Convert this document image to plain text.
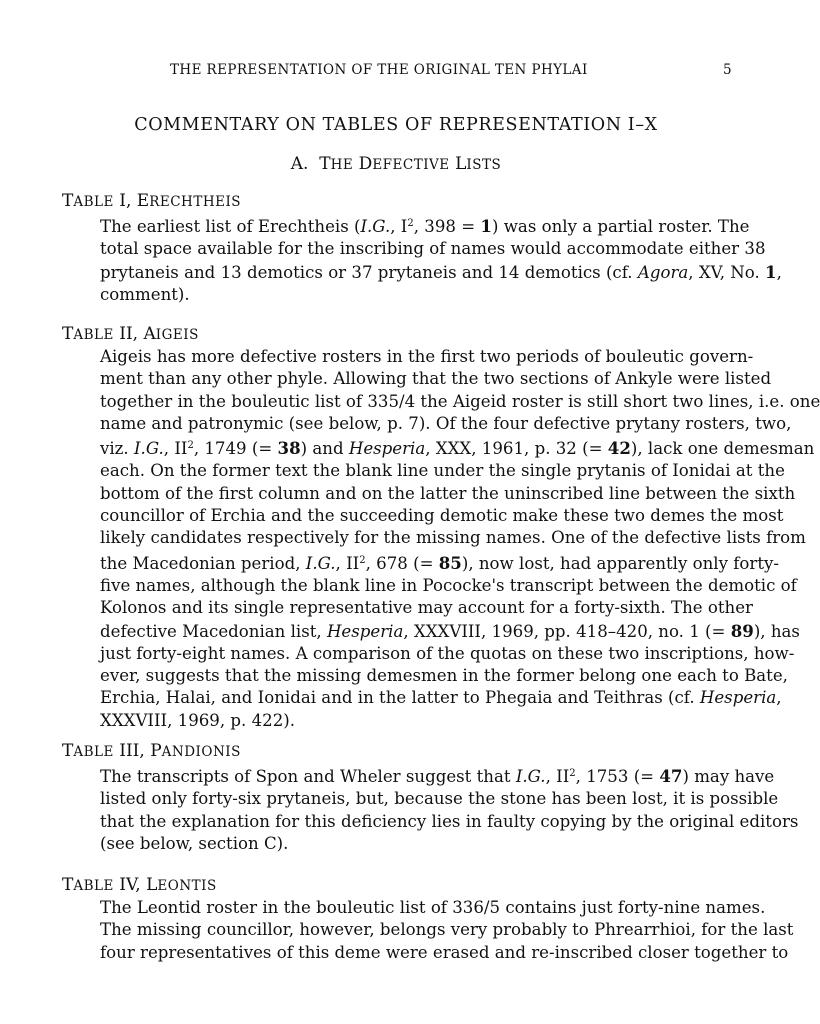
THE REPRESENTATION OF THE ORIGINAL TEN PHYLAI	5
COMMENTARY ON TABLES OF REPRESENTATION I–X
A. THE DEFECTIVE LISTS
TABLE I, ERECHTHEIS
The earliest list of Erechtheis (I.G., $I^2$, 398 = 1) was only a partial roster. The
total space available for the inscribing of names would accommodate either 38
prytaneis and 13 demotics or 37 prytaneis and 14 demotics (cf. Agora, XV, No. 1,
comment).
TABLE II, AIGEIS
Aigeis has more defective rosters in the first two periods of bouleutic govern-
ment than any other phyle. Allowing that the two sections of Ankyle were listed
together in the bouleutic list of 335/4 the Aigeid roster is still short two lines, i.e. one
name and patronymic (see below, p. 7). Of the four defective prytany rosters, two,
viz. I.G., $II^2$, 1749 (= 38) and Hesperia, XXX, 1961, p. 32 (= 42), lack one demesman
each. On the former text the blank line under the single prytanis of Ionidai at the
bottom of the first column and on the latter the uninscribed line between the sixth
councillor of Erchia and the succeeding demotic make these two demes the most
likely candidates respectively for the missing names. One of the defective lists from
the Macedonian period, I.G., $II^2$, 678 (= 85), now lost, had apparently only forty-
five names, although the blank line in Pococke's transcript between the demotic of
Kolonos and its single representative may account for a forty-sixth. The other
defective Macedonian list, Hesperia, XXXVIII, 1969, pp. 418–420, no. 1 (= 89), has
just forty-eight names. A comparison of the quotas on these two inscriptions, how-
ever, suggests that the missing demesmen in the former belong one each to Bate,
Erchia, Halai, and Ionidai and in the latter to Phegaia and Teithras (cf. Hesperia,
XXXVIII, 1969, p. 422).
TABLE III, PANDIONIS
The transcripts of Spon and Wheler suggest that I.G., $II^2$, 1753 (= 47) may have
listed only forty-six prytaneis, but, because the stone has been lost, it is possible
that the explanation for this deficiency lies in faulty copying by the original editors
(see below, section C).
TABLE IV, LEONTIS
The Leontid roster in the bouleutic list of 336/5 contains just forty-nine names.
The missing councillor, however, belongs very probably to Phrearrhioi, for the last
four representatives of this deme were erased and re-inscribed closer together to
